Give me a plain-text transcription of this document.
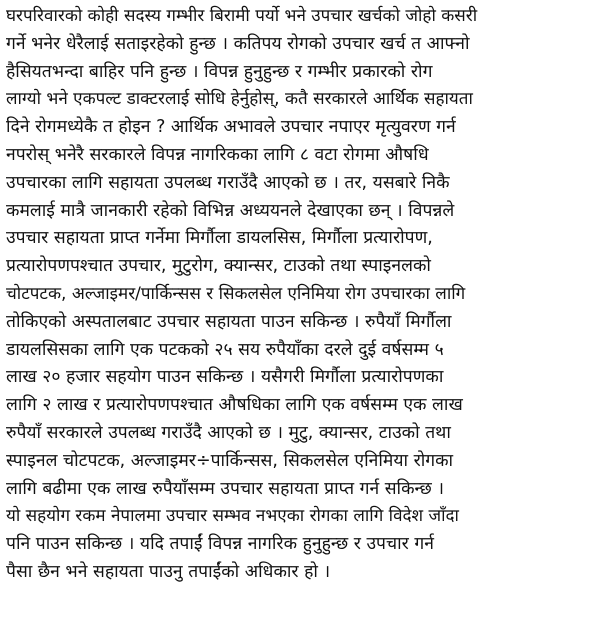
घरपरिवारको कोही सदस्य गम्भीर बिरामी पर्यो भने उपचार खर्चको जोहो कसरी
गर्ने भनेर धेरैलाई सताइरहेको हुन्छ । कतिपय रोगको उपचार खर्च त आफ्नो
हैसियतभन्दा बाहिर पनि हुन्छ । विपन्न हुनुहुन्छ र गम्भीर प्रकारको रोग
लाग्यो भने एकपल्ट डाक्टरलाई सोधि हेर्नुहोस्, कतै सरकारले आर्थिक सहायता
दिने रोगमध्येकै त होइन ? आर्थिक अभावले उपचार नपाएर मृत्युवरण गर्न
नपरोस् भनेरै सरकारले विपन्न नागरिकका लागि ८ वटा रोगमा औषधि
उपचारका लागि सहायता उपलब्ध गराउँदै आएको छ । तर, यसबारे निकै
कमलाई मात्रै जानकारी रहेको विभिन्न अध्ययनले देखाएका छन् । विपन्नले
उपचार सहायता प्राप्त गर्नेमा मिर्गौला डायलसिस, मिर्गौला प्रत्यारोपण,
प्रत्यारोपणपश्चात उपचार, मुटुरोग, क्यान्सर, टाउको तथा स्पाइनलको
चोटपटक, अल्जाइमर/पार्किन्सस र सिकलसेल एनिमिया रोग उपचारका लागि
तोकिएको अस्पतालबाट उपचार सहायता पाउन सकिन्छ । रुपैयाँ मिर्गौला
डायलसिसका लागि एक पटकको २५ सय रुपैयाँका दरले दुई वर्षसम्म ५
लाख २० हजार सहयोग पाउन सकिन्छ । यसैगरी मिर्गौला प्रत्यारोपणका
लागि २ लाख र प्रत्यारोपणपश्चात औषधिका लागि एक वर्षसम्म एक लाख
रुपैयाँ सरकारले उपलब्ध गराउँदै आएको छ । मुटु, क्यान्सर, टाउको तथा
स्पाइनल चोटपटक, अल्जाइमर÷पार्किन्सस, सिकलसेल एनिमिया रोगका
लागि बढीमा एक लाख रुपैयाँसम्म उपचार सहायता प्राप्त गर्न सकिन्छ ।
यो सहयोग रकम नेपालमा उपचार सम्भव नभएका रोगका लागि विदेश जाँदा
पनि पाउन सकिन्छ । यदि तपाईं विपन्न नागरिक हुनुहुन्छ र उपचार गर्न
पैसा छैन भने सहायता पाउनु तपाईंको अधिकार हो ।
